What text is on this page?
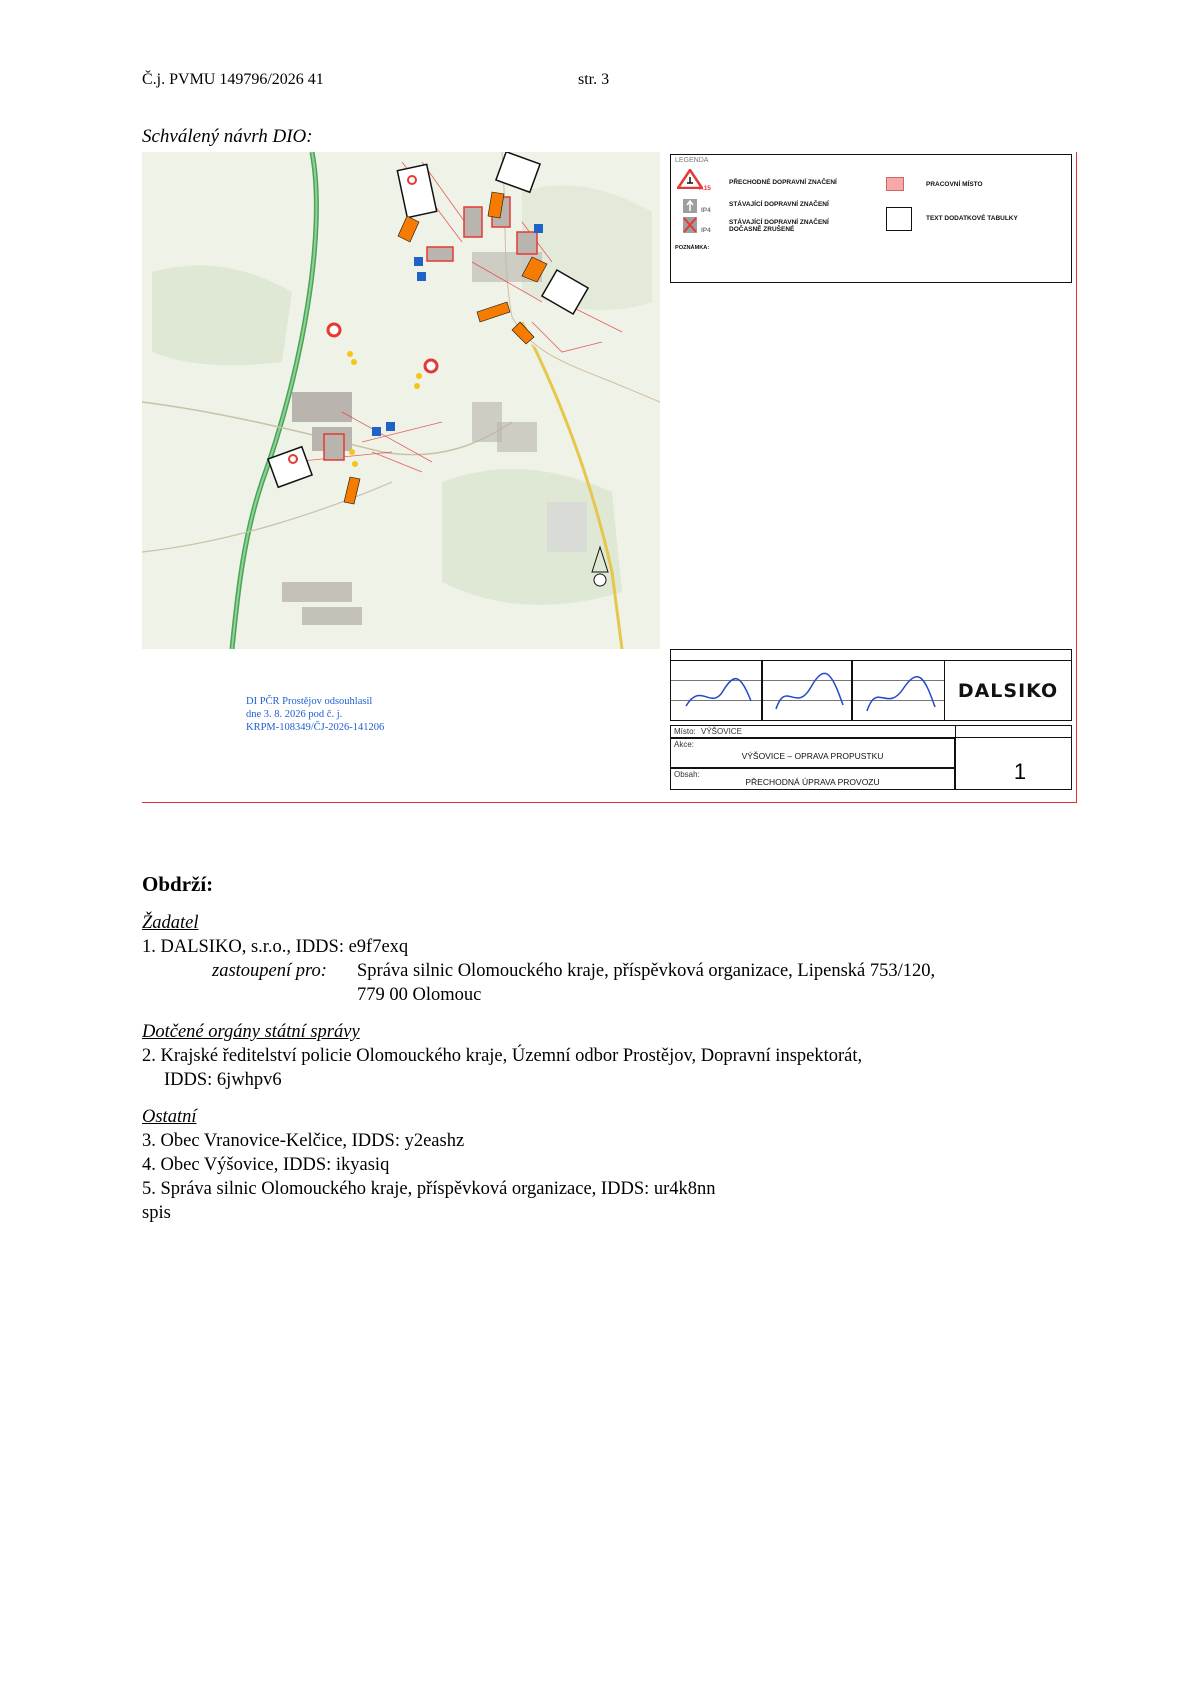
Č.j. PVMU 149796/2026 41	str. 3
Schválený návrh DIO:
LEGENDA
A15
PŘECHODNÉ DOPRAVNÍ ZNAČENÍ
IP4
STÁVAJÍCÍ DOPRAVNÍ ZNAČENÍ
IP4
STÁVAJÍCÍ DOPRAVNÍ ZNAČENÍ DOČASNĚ ZRUŠENÉ
PRACOVNÍ MÍSTO
TEXT DODATKOVÉ TABULKY
POZNÁMKA:
DI PČR Prostějov odsouhlasil
dne 3. 8. 2026 pod č. j.
KRPM-108349/ČJ-2026-141206
DALSIKO
Místo: VÝŠOVICE
Akce:
VÝŠOVICE – OPRAVA PROPUSTKU
Obsah:
PŘECHODNÁ ÚPRAVA PROVOZU	1
Obdrží:
Žadatel
1. DALSIKO, s.r.o., IDDS: e9f7exq
zastoupení pro: Správa silnic Olomouckého kraje, příspěvková organizace, Lipenská 753/120,
779 00 Olomouc
Dotčené orgány státní správy
2. Krajské ředitelství policie Olomouckého kraje, Územní odbor Prostějov, Dopravní inspektorát,
IDDS: 6jwhpv6
Ostatní
3. Obec Vranovice-Kelčice, IDDS: y2eashz
4. Obec Výšovice, IDDS: ikyasiq
5. Správa silnic Olomouckého kraje, příspěvková organizace, IDDS: ur4k8nn
spis
